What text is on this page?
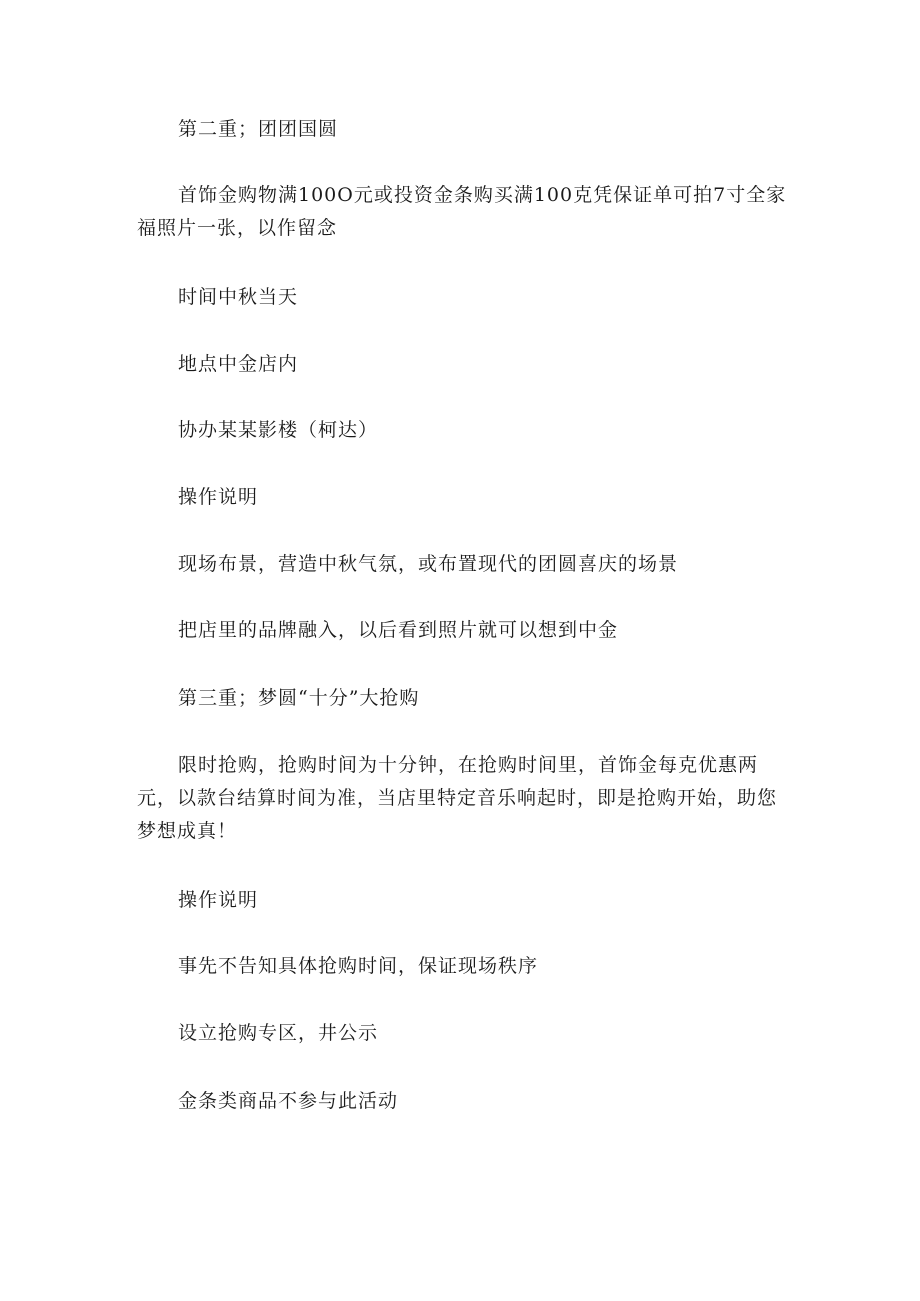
第二重；团团国圆

首饰金购物满100O元或投资金条购买满100克凭保证单可拍7寸全家福照片一张，以作留念

时间中秋当天

地点中金店内

协办某某影楼（柯达）

操作说明

现场布景，营造中秋气氛，或布置现代的团圆喜庆的场景

把店里的品牌融入，以后看到照片就可以想到中金

第三重；梦圆“十分”大抢购

限时抢购，抢购时间为十分钟，在抢购时间里，首饰金每克优惠两元，以款台结算时间为准，当店里特定音乐响起时，即是抢购开始，助您梦想成真！

操作说明

事先不告知具体抢购时间，保证现场秩序

设立抢购专区，井公示

金条类商品不参与此活动
